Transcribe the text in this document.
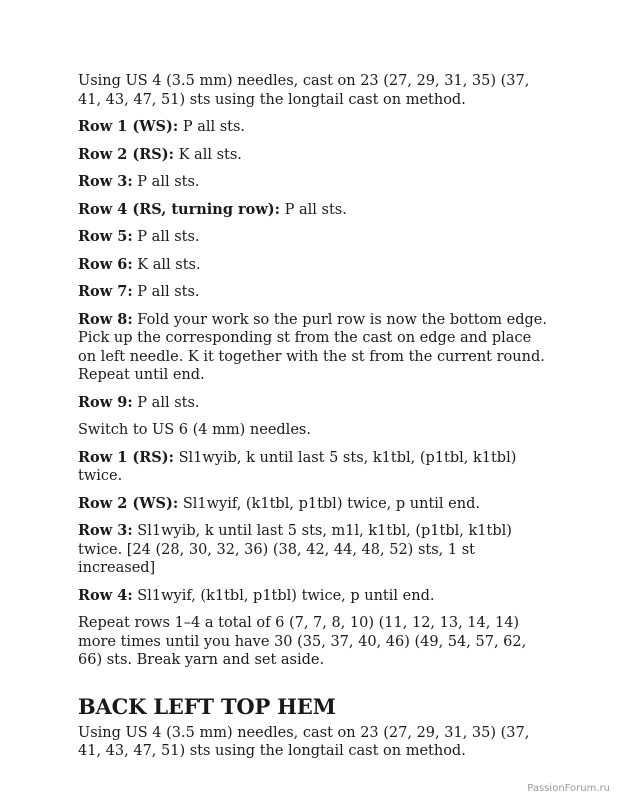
Using US 4 (3.5 mm) needles, cast on 23 (27, 29, 31, 35) (37, 41, 43, 47, 51) sts using the longtail cast on method.

Row 1 (WS): P all sts.

Row 2 (RS): K all sts.

Row 3: P all sts.

Row 4 (RS, turning row): P all sts.

Row 5: P all sts.

Row 6: K all sts.

Row 7: P all sts.

Row 8: Fold your work so the purl row is now the bottom edge. Pick up the corresponding st from the cast on edge and place on left needle. K it together with the st from the current round. Repeat until end.

Row 9: P all sts.

Switch to US 6 (4 mm) needles.

Row 1 (RS): Sl1wyib, k until last 5 sts, k1tbl, (p1tbl, k1tbl) twice.

Row 2 (WS): Sl1wyif, (k1tbl, p1tbl) twice, p until end.

Row 3: Sl1wyib, k until last 5 sts, m1l, k1tbl, (p1tbl, k1tbl) twice. [24 (28, 30, 32, 36) (38, 42, 44, 48, 52) sts, 1 st increased]

Row 4: Sl1wyif, (k1tbl, p1tbl) twice, p until end.

Repeat rows 1–4 a total of 6 (7, 7, 8, 10) (11, 12, 13, 14, 14) more times until you have 30 (35, 37, 40, 46) (49, 54, 57, 62, 66) sts. Break yarn and set aside.

BACK LEFT TOP HEM

Using US 4 (3.5 mm) needles, cast on 23 (27, 29, 31, 35) (37, 41, 43, 47, 51) sts using the longtail cast on method.

PassionForum.ru
